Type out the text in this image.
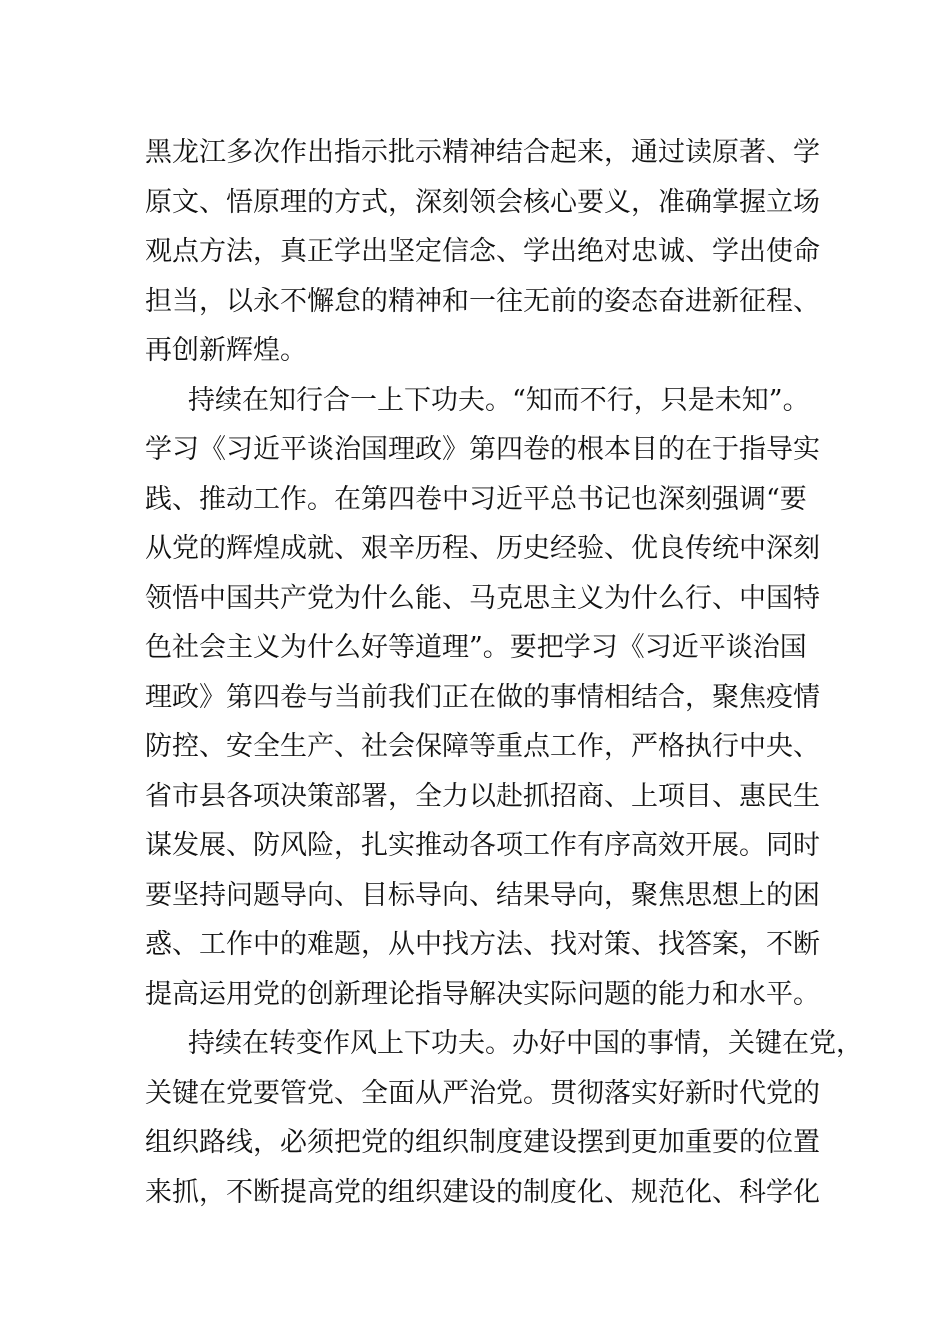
黑龙江多次作出指示批示精神结合起来，通过读原著、学
原文、悟原理的方式，深刻领会核心要义，准确掌握立场
观点方法，真正学出坚定信念、学出绝对忠诚、学出使命
担当，以永不懈怠的精神和一往无前的姿态奋进新征程、
再创新辉煌。
持续在知行合一上下功夫。“知而不行，只是未知”。
学习《习近平谈治国理政》第四卷的根本目的在于指导实
践、推动工作。在第四卷中习近平总书记也深刻强调“要
从党的辉煌成就、艰辛历程、历史经验、优良传统中深刻
领悟中国共产党为什么能、马克思主义为什么行、中国特
色社会主义为什么好等道理”。要把学习《习近平谈治国
理政》第四卷与当前我们正在做的事情相结合，聚焦疫情
防控、安全生产、社会保障等重点工作，严格执行中央、
省市县各项决策部署，全力以赴抓招商、上项目、惠民生
谋发展、防风险，扎实推动各项工作有序高效开展。同时
要坚持问题导向、目标导向、结果导向，聚焦思想上的困
惑、工作中的难题，从中找方法、找对策、找答案，不断
提高运用党的创新理论指导解决实际问题的能力和水平。
持续在转变作风上下功夫。办好中国的事情，关键在党，
关键在党要管党、全面从严治党。贯彻落实好新时代党的
组织路线，必须把党的组织制度建设摆到更加重要的位置
来抓，不断提高党的组织建设的制度化、规范化、科学化
